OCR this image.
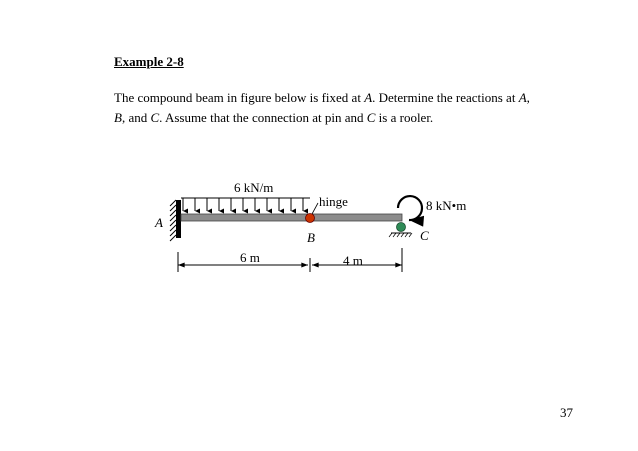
Example 2-8
The compound beam in figure below is fixed at A. Determine the reactions at A,
B, and C. Assume that the connection at pin and C is a rooler.
6 kN/m
hinge	8 kN•m
A
B	C
6 m	4 m
37
